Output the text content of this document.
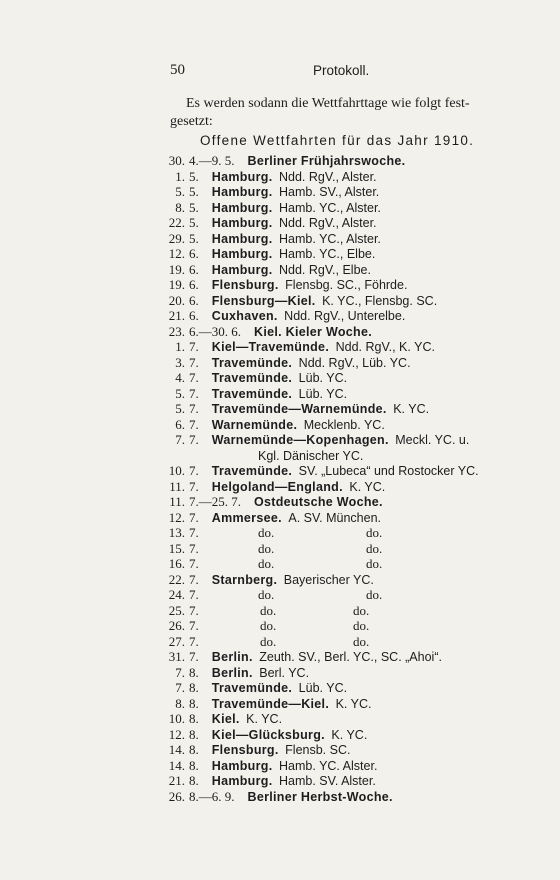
50	Protokoll.
Es werden sodann die Wettfahrttage wie folgt fest-
gesetzt:
Offene Wettfahrten für das Jahr 1910.
30. 4.—9. 5.  Berliner Frühjahrswoche.
1. 5.  Hamburg.  Ndd. RgV., Alster.
5. 5.  Hamburg.  Hamb. SV., Alster.
8. 5.  Hamburg.  Hamb. YC., Alster.
22. 5.  Hamburg.  Ndd. RgV., Alster.
29. 5.  Hamburg.  Hamb. YC., Alster.
12. 6.  Hamburg.  Hamb. YC., Elbe.
19. 6.  Hamburg.  Ndd. RgV., Elbe.
19. 6.  Flensburg.  Flensbg. SC., Föhrde.
20. 6.  Flensburg—Kiel.  K. YC., Flensbg. SC.
21. 6.  Cuxhaven.  Ndd. RgV., Unterelbe.
23. 6.—30. 6.  Kiel. Kieler Woche.
1. 7.  Kiel—Travemünde.  Ndd. RgV., K. YC.
3. 7.  Travemünde.  Ndd. RgV., Lüb. YC.
4. 7.  Travemünde.  Lüb. YC.
5. 7.  Travemünde.  Lüb. YC.
5. 7.  Travemünde—Warnemünde.  K. YC.
6. 7.  Warnemünde.  Mecklenb. YC.
7. 7.  Warnemünde—Kopenhagen.  Meckl. YC. u.
Kgl. Dänischer YC.
10. 7.  Travemünde.  SV. „Lubeca“ und Rostocker YC.
11. 7.  Helgoland—England.  K. YC.
11. 7.—25. 7.  Ostdeutsche Woche.
12. 7.  Ammersee.  A. SV. München.
13. 7.	do.	do.
15. 7.	do.	do.
16. 7.	do.	do.
22. 7.  Starnberg.  Bayerischer YC.
24. 7.	do.	do.
25. 7.	do.	do.
26. 7.	do.	do.
27. 7.	do.	do.
31. 7.  Berlin.  Zeuth. SV., Berl. YC., SC. „Ahoi“.
7. 8.  Berlin.  Berl. YC.
7. 8.  Travemünde.  Lüb. YC.
8. 8.  Travemünde—Kiel.  K. YC.
10. 8.  Kiel.  K. YC.
12. 8.  Kiel—Glücksburg.  K. YC.
14. 8.  Flensburg.  Flensb. SC.
14. 8.  Hamburg.  Hamb. YC. Alster.
21. 8.  Hamburg.  Hamb. SV. Alster.
26. 8.—6. 9.  Berliner Herbst-Woche.
